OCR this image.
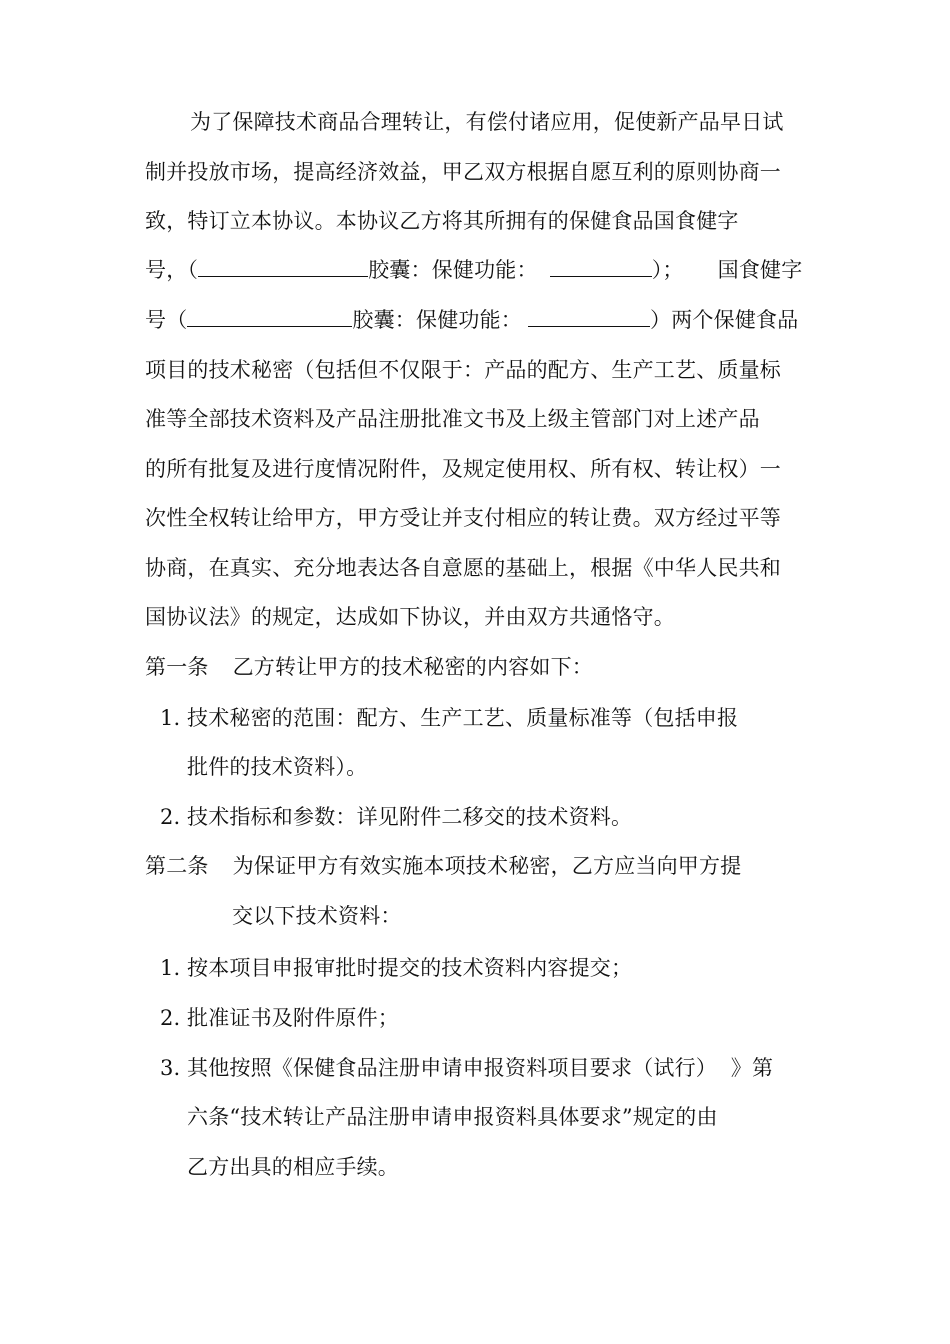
为了保障技术商品合理转让，有偿付诸应用，促使新产品早日试
制并投放市场，提高经济效益，甲乙双方根据自愿互利的原则协商一
致，特订立本协议。本协议乙方将其所拥有的保健食品国食健字
号，（	胶囊：保健功能：	）； 国食健字
号（	胶囊：保健功能：	）两个保健食品
项目的技术秘密（包括但不仅限于：产品的配方、生产工艺、质量标
准等全部技术资料及产品注册批准文书及上级主管部门对上述产品
的所有批复及进行度情况附件，及规定使用权、所有权、转让权）一
次性全权转让给甲方，甲方受让并支付相应的转让费。双方经过平等
协商，在真实、充分地表达各自意愿的基础上，根据《中华人民共和
国协议法》的规定，达成如下协议，并由双方共通恪守。
第一条 乙方转让甲方的技术秘密的内容如下：
1. 技术秘密的范围：配方、生产工艺、质量标准等（包括申报
批件的技术资料）。
2. 技术指标和参数：详见附件二移交的技术资料。
第二条 为保证甲方有效实施本项技术秘密，乙方应当向甲方提
交以下技术资料：
1. 按本项目申报审批时提交的技术资料内容提交；
2. 批准证书及附件原件；
3. 其他按照《保健食品注册申请申报资料项目要求（试行）  》第
六条“技术转让产品注册申请申报资料具体要求”规定的由
乙方出具的相应手续。
